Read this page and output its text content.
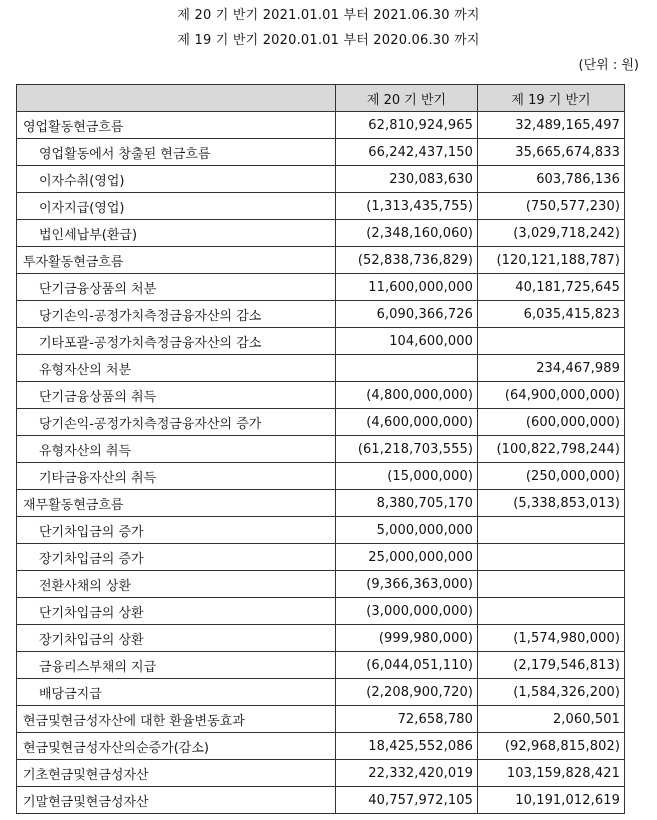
제 20 기 반기 2021.01.01 부터 2021.06.30 까지
제 19 기 반기 2020.01.01 부터 2020.06.30 까지
(단위 : 원)
	제 20 기 반기	제 19 기 반기
영업활동현금흐름	62,810,924,965	32,489,165,497
영업활동에서 창출된 현금흐름	66,242,437,150	35,665,674,833
이자수취(영업)	230,083,630	603,786,136
이자지급(영업)	(1,313,435,755)	(750,577,230)
법인세납부(환급)	(2,348,160,060)	(3,029,718,242)
투자활동현금흐름	(52,838,736,829)	(120,121,188,787)
단기금융상품의 처분	11,600,000,000	40,181,725,645
당기손익-공정가치측정금융자산의 감소	6,090,366,726	6,035,415,823
기타포괄-공정가치측정금융자산의 감소	104,600,000	
유형자산의 처분		234,467,989
단기금융상품의 취득	(4,800,000,000)	(64,900,000,000)
당기손익-공정가치측정금융자산의 증가	(4,600,000,000)	(600,000,000)
유형자산의 취득	(61,218,703,555)	(100,822,798,244)
기타금융자산의 취득	(15,000,000)	(250,000,000)
재무활동현금흐름	8,380,705,170	(5,338,853,013)
단기차입금의 증가	5,000,000,000	
장기차입금의 증가	25,000,000,000	
전환사채의 상환	(9,366,363,000)	
단기차입금의 상환	(3,000,000,000)	
장기차입금의 상환	(999,980,000)	(1,574,980,000)
금융리스부채의 지급	(6,044,051,110)	(2,179,546,813)
배당금지급	(2,208,900,720)	(1,584,326,200)
현금및현금성자산에 대한 환율변동효과	72,658,780	2,060,501
현금및현금성자산의순증가(감소)	18,425,552,086	(92,968,815,802)
기초현금및현금성자산	22,332,420,019	103,159,828,421
기말현금및현금성자산	40,757,972,105	10,191,012,619
